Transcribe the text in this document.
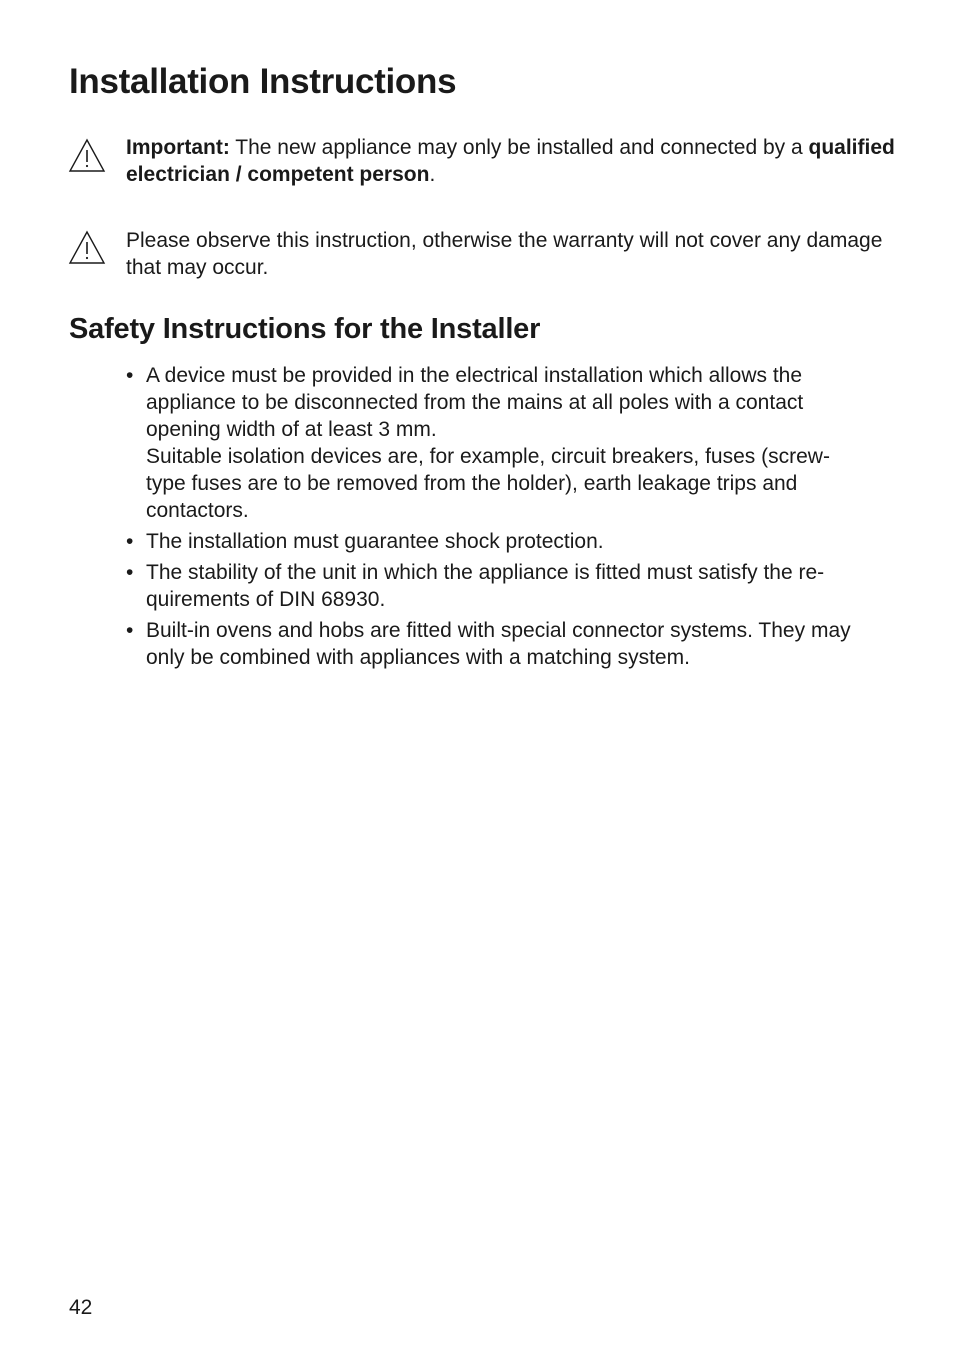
Installation Instructions
Important: The new appliance may only be installed and connected by a qualified electrician / competent person.
Please observe this instruction, otherwise the warranty will not cover any damage that may occur.
Safety Instructions for the Installer
• A device must be provided in the electrical installation which allows the
appliance to be disconnected from the mains at all poles with a contact
opening width of at least 3 mm.
Suitable isolation devices are, for example, circuit breakers, fuses (screw-
type fuses are to be removed from the holder), earth leakage trips and
contactors.
• The installation must guarantee shock protection.
• The stability of the unit in which the appliance is fitted must satisfy the re-
quirements of DIN 68930.
• Built-in ovens and hobs are fitted with special connector systems. They may only be combined with appliances with a matching system.
42
